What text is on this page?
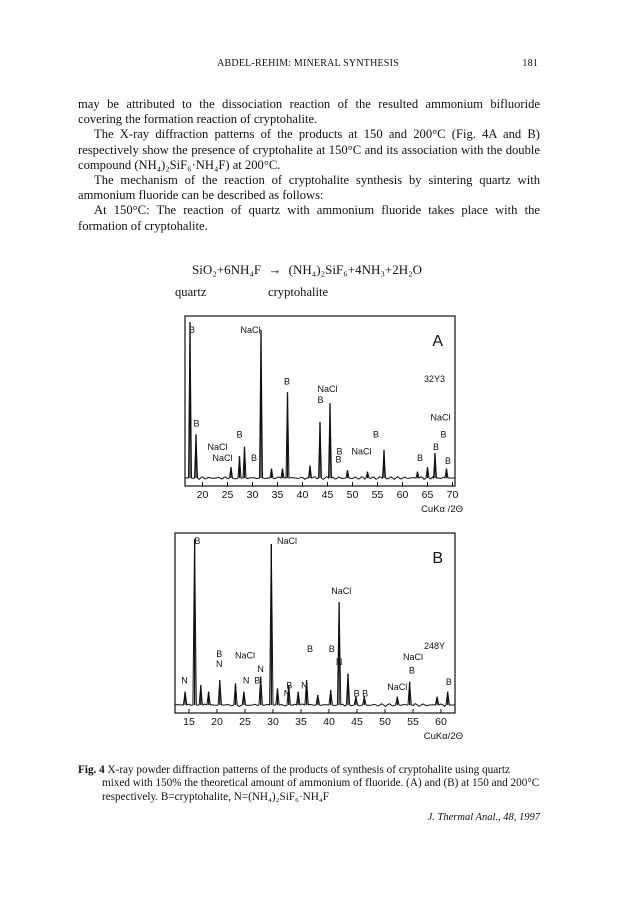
ABDEL-REHIM: MINERAL SYNTHESIS	181

may be attributed to the dissociation reaction of the resulted ammonium bifluoride covering the formation reaction of cryptohalite.

The X-ray diffraction patterns of the products at 150 and 200°C (Fig. 4A and B) respectively show the presence of cryptohalite at 150°C and its association with the double compound (NH₄)₂SiF₆·NH₄F) at 200°C.

The mechanism of the reaction of cryptohalite synthesis by sintering quartz with ammonium fluoride can be described as follows:

At 150°C: The reaction of quartz with ammonium fluoride takes place with the formation of cryptohalite.

SiO₂+6NH₄F → (NH₄)₂SiF₆+4NH₃+2H₂O
quartz	cryptohalite
20 25 30 35 40 45 50 55 60 65 70
B	NaCl
B
NaCl
B
B
B
NaCl
NaCl B
B
B
B
NaCl
NaCl
B
B
B B
A
32Y3
CuKα /2Θ
15 20 25 30 35 40 45 50 55 60
B	NaCl
NaCl
B B
N
B
N
NaCl
N
N	N B	B
N
N
B B
NaCl
NaCl
B
B
B
248Y
CuKα/2Θ

Fig. 4 X-ray powder diffraction patterns of the products of synthesis of cryptohalite using quartz mixed with 150% the theoretical amount of ammonium of fluoride. (A) and (B) at 150 and 200°C respectively. B=cryptohalite, N=(NH₄)₂SiF₆·NH₄F

J. Thermal Anal., 48, 1997
